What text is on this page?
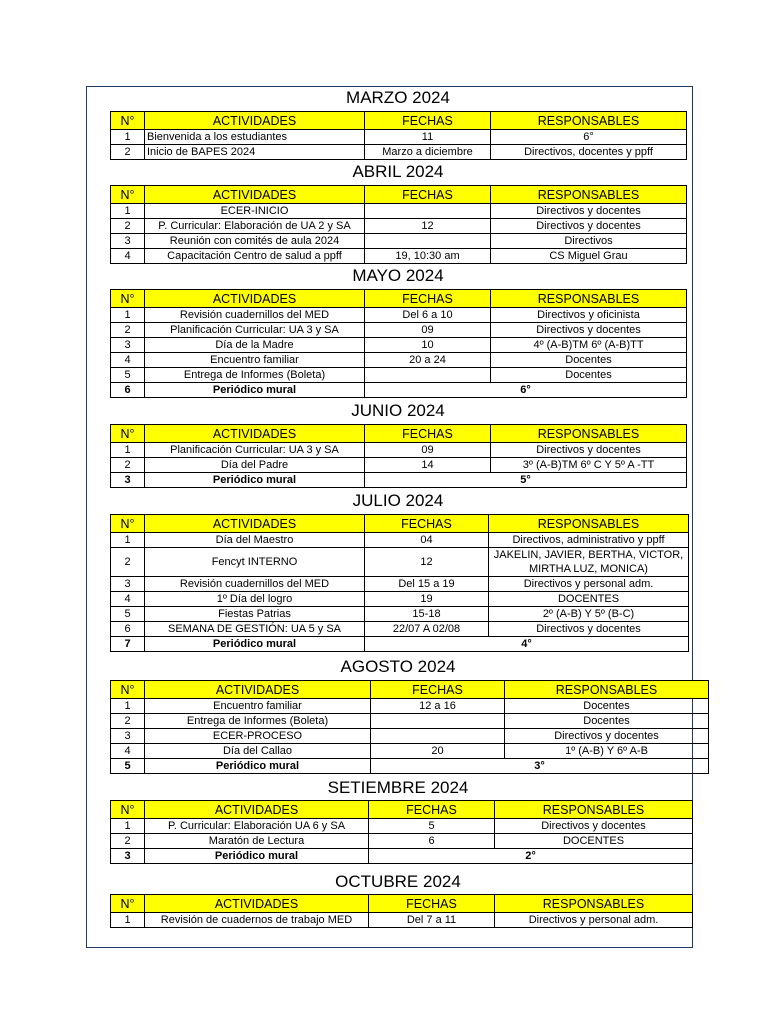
MARZO 2024
N°	ACTIVIDADES	FECHAS	RESPONSABLES
1	Bienvenida a los estudiantes	11	6°
2	Inicio de BAPES 2024	Marzo a diciembre	Directivos, docentes y ppff
ABRIL 2024
N°	ACTIVIDADES	FECHAS	RESPONSABLES
1	ECER-INICIO		Directivos y docentes
2	P. Curricular: Elaboración de UA 2 y SA	12	Directivos y docentes
3	Reunión con comités de aula 2024		Directivos
4	Capacitación Centro de salud a ppff	19, 10:30 am	CS Miguel Grau
MAYO 2024
N°	ACTIVIDADES	FECHAS	RESPONSABLES
1	Revisión cuadernillos del MED	Del 6 a 10	Directivos y oficinista
2	Planificación Curricular: UA 3 y SA	09	Directivos y docentes
3	Día de la Madre	10	4º (A-B)TM 6º (A-B)TT
4	Encuentro familiar	20 a 24	Docentes
5	Entrega de Informes (Boleta)		Docentes
6	Periódico mural	6°	
JUNIO 2024
N°	ACTIVIDADES	FECHAS	RESPONSABLES
1	Planificación Curricular: UA 3 y SA	09	Directivos y docentes
2	Día del Padre	14	3º (A-B)TM 6º C Y 5º A -TT
3	Periódico mural	5°	
JULIO 2024
N°	ACTIVIDADES	FECHAS	RESPONSABLES
1	Día del Maestro	04	Directivos, administrativo y ppff
2	Fencyt INTERNO	12	JAKELIN, JAVIER, BERTHA, VICTOR, MIRTHA LUZ, MONICA)
3	Revisión cuadernillos del MED	Del 15 a 19	Directivos y personal adm.
4	1º Día del logro	19	DOCENTES
5	Fiestas Patrias	15-18	2º (A-B) Y 5º (B-C)
6	SEMANA DE GESTIÓN: UA 5 y SA	22/07 A 02/08	Directivos y docentes
7	Periódico mural	4°	
AGOSTO 2024
N°	ACTIVIDADES	FECHAS	RESPONSABLES
1	Encuentro familiar	12 a 16	Docentes
2	Entrega de Informes (Boleta)		Docentes
3	ECER-PROCESO		Directivos y docentes
4	Día del Callao	20	1º (A-B) Y 6º A-B
5	Periódico mural	3°	
SETIEMBRE 2024
N°	ACTIVIDADES	FECHAS	RESPONSABLES
1	P. Curricular: Elaboración UA 6 y SA	5	Directivos y docentes
2	Maratón de Lectura	6	DOCENTES
3	Periódico mural	2°	
OCTUBRE 2024
N°	ACTIVIDADES	FECHAS	RESPONSABLES
1	Revisión de cuadernos de trabajo MED	Del 7 a 11	Directivos y personal adm.
